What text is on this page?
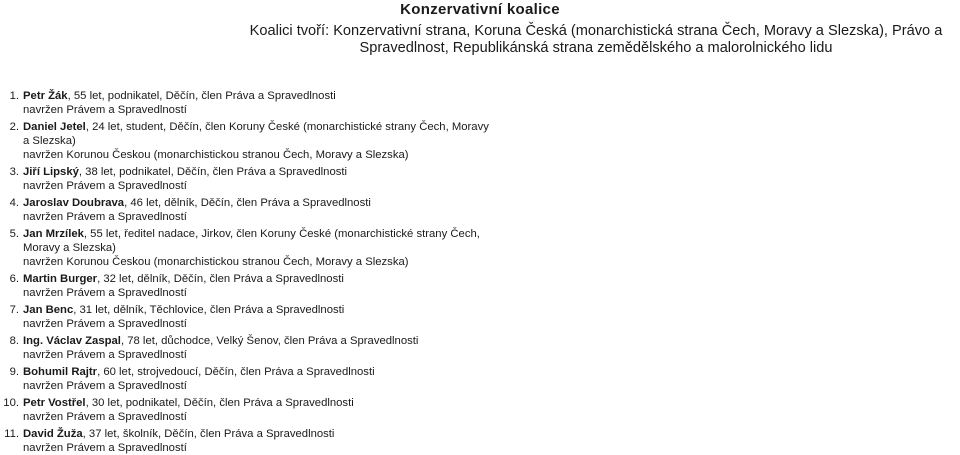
Konzervativní koalice
Koalici tvoří: Konzervativní strana, Koruna Česká (monarchistická strana Čech, Moravy a Slezska), Právo a Spravedlnost, Republikánská strana zemědělského a malorolnického lidu
1. Petr Žák, 55 let, podnikatel, Děčín, člen Práva a Spravedlnosti
navržen Právem a Spravedlností
2. Daniel Jetel, 24 let, student, Děčín, člen Koruny České (monarchistické strany Čech, Moravy a Slezska)
navržen Korunou Českou (monarchistickou stranou Čech, Moravy a Slezska)
3. Jiří Lipský, 38 let, podnikatel, Děčín, člen Práva a Spravedlnosti
navržen Právem a Spravedlností
4. Jaroslav Doubrava, 46 let, dělník, Děčín, člen Práva a Spravedlnosti
navržen Právem a Spravedlností
5. Jan Mrzílek, 55 let, ředitel nadace, Jirkov, člen Koruny České (monarchistické strany Čech, Moravy a Slezska)
navržen Korunou Českou (monarchistickou stranou Čech, Moravy a Slezska)
6. Martin Burger, 32 let, dělník, Děčín, člen Práva a Spravedlnosti
navržen Právem a Spravedlností
7. Jan Benc, 31 let, dělník, Těchlovice, člen Práva a Spravedlnosti
navržen Právem a Spravedlností
8. Ing. Václav Zaspal, 78 let, důchodce, Velký Šenov, člen Práva a Spravedlnosti
navržen Právem a Spravedlností
9. Bohumil Rajtr, 60 let, strojvedoucí, Děčín, člen Práva a Spravedlnosti
navržen Právem a Spravedlností
10. Petr Vostřel, 30 let, podnikatel, Děčín, člen Práva a Spravedlnosti
navržen Právem a Spravedlností
11. David Žuža, 37 let, školník, Děčín, člen Práva a Spravedlnosti
navržen Právem a Spravedlností
